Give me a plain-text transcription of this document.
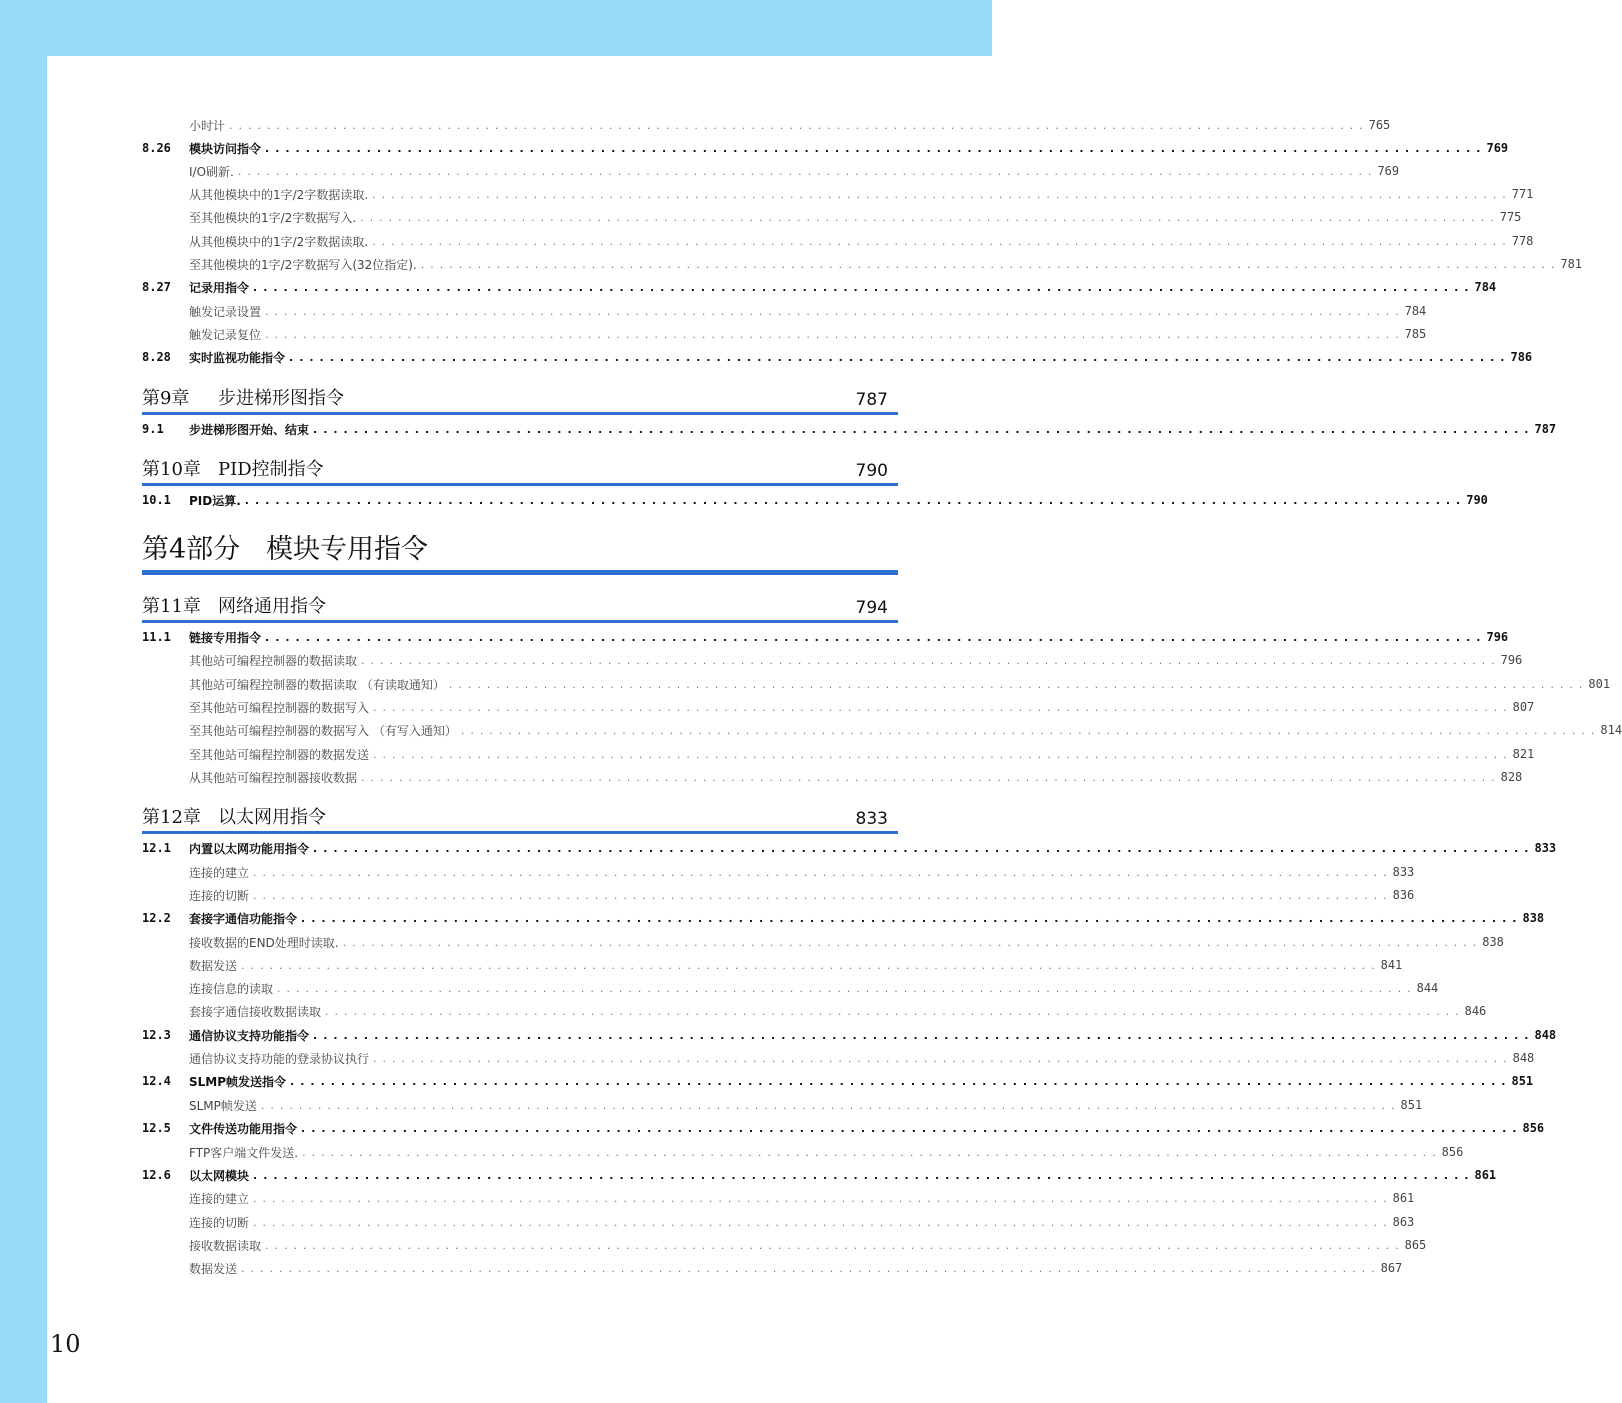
小时计 ........................................................................................................................ 765
8.26 模块访问指令 ........................................................................................................................ 769
I/O刷新. ........................................................................................................................ 769
从其他模块中的1字/2字数据读取. ........................................................................................................................ 771
至其他模块的1字/2字数据写入. ........................................................................................................................ 775
从其他模块中的1字/2字数据读取. ........................................................................................................................ 778
至其他模块的1字/2字数据写入(32位指定). ........................................................................................................................ 781
8.27 记录用指令 ........................................................................................................................ 784
触发记录设置 ........................................................................................................................ 784
触发记录复位 ........................................................................................................................ 785
8.28 实时监视功能指令 ........................................................................................................................ 786
第9章 步进梯形图指令	787
9.1 步进梯形图开始、结束 ........................................................................................................................ 787
第10章 PID控制指令	790
10.1 PID运算. ........................................................................................................................ 790
第4部分 模块专用指令
第11章 网络通用指令	794
11.1 链接专用指令 ........................................................................................................................ 796
其他站可编程控制器的数据读取 ........................................................................................................................ 796
其他站可编程控制器的数据读取 （有读取通知） ........................................................................................................................ 801
至其他站可编程控制器的数据写入 ........................................................................................................................ 807
至其他站可编程控制器的数据写入 （有写入通知） ........................................................................................................................ 814
至其他站可编程控制器的数据发送 ........................................................................................................................ 821
从其他站可编程控制器接收数据 ........................................................................................................................ 828
第12章 以太网用指令	833
12.1 内置以太网功能用指令 ........................................................................................................................ 833
连接的建立 ........................................................................................................................ 833
连接的切断 ........................................................................................................................ 836
12.2 套接字通信功能指令 ........................................................................................................................ 838
接收数据的END处理时读取. ........................................................................................................................ 838
数据发送 ........................................................................................................................ 841
连接信息的读取 ........................................................................................................................ 844
套接字通信接收数据读取 ........................................................................................................................ 846
12.3 通信协议支持功能指令 ........................................................................................................................ 848
通信协议支持功能的登录协议执行 ........................................................................................................................ 848
12.4 SLMP帧发送指令 ........................................................................................................................ 851
SLMP帧发送 ........................................................................................................................ 851
12.5 文件传送功能用指令 ........................................................................................................................ 856
FTP客户端文件发送. ........................................................................................................................ 856
12.6 以太网模块 ........................................................................................................................ 861
连接的建立 ........................................................................................................................ 861
连接的切断 ........................................................................................................................ 863
接收数据读取 ........................................................................................................................ 865
数据发送 ........................................................................................................................ 867
10
